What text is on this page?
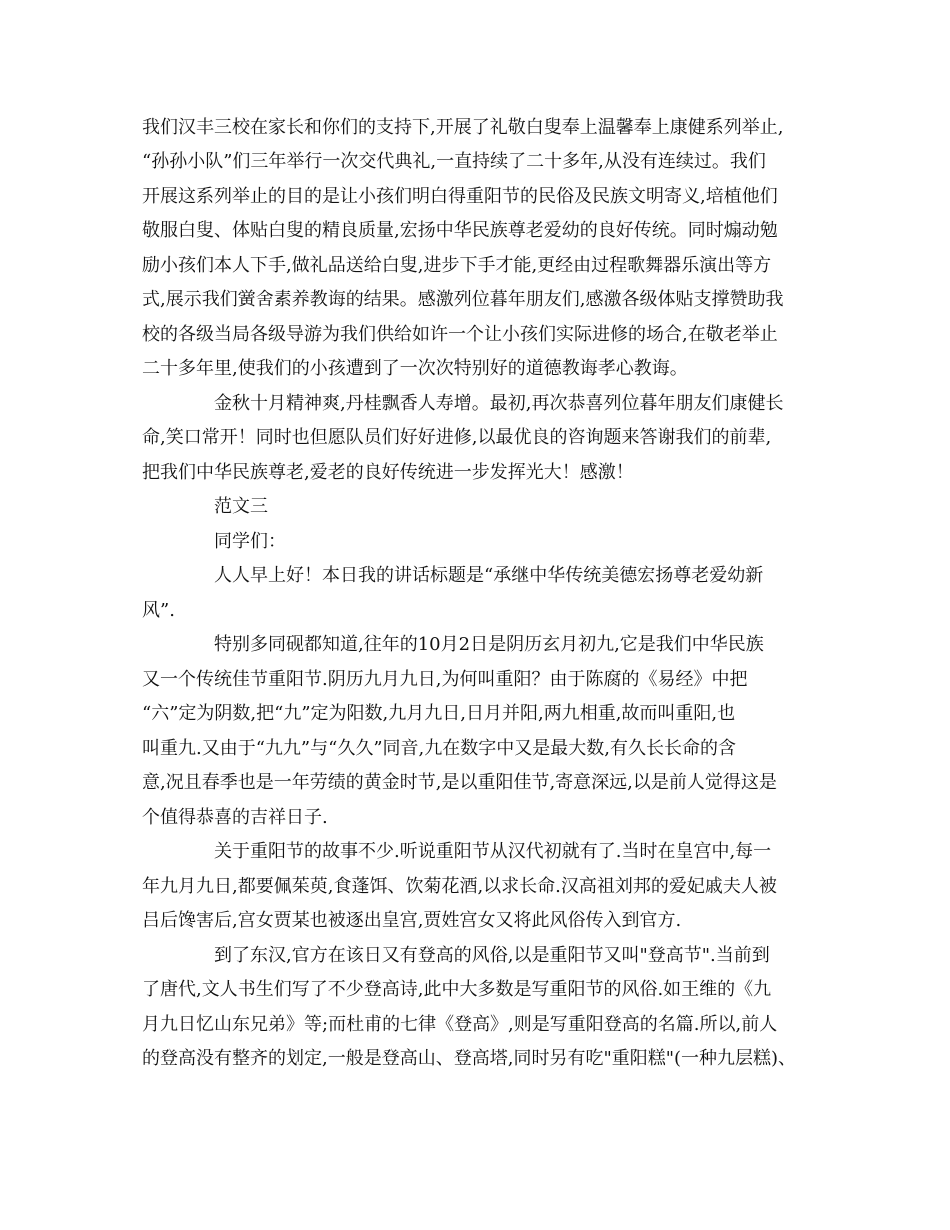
我们汉丰三校在家长和你们的支持下,开展了礼敬白叟奉上温馨奉上康健系列举止,
“孙孙小队”们三年举行一次交代典礼,一直持续了二十多年,从没有连续过。我们
开展这系列举止的目的是让小孩们明白得重阳节的民俗及民族文明寄义,培植他们
敬服白叟、体贴白叟的精良质量,宏扬中华民族尊老爱幼的良好传统。同时煽动勉
励小孩们本人下手,做礼品送给白叟,进步下手才能,更经由过程歌舞器乐演出等方
式,展示我们黉舍素养教诲的结果。感激列位暮年朋友们,感激各级体贴支撑赞助我
校的各级当局各级导游为我们供给如许一个让小孩们实际进修的场合,在敬老举止
二十多年里,使我们的小孩遭到了一次次特别好的道德教诲孝心教诲。
金秋十月精神爽,丹桂飘香人寿增。最初,再次恭喜列位暮年朋友们康健长
命,笑口常开！同时也但愿队员们好好进修,以最优良的咨询题来答谢我们的前辈,
把我们中华民族尊老,爱老的良好传统进一步发挥光大！感激！
范文三
同学们：
人人早上好！本日我的讲话标题是“承继中华传统美德宏扬尊老爱幼新
风”.
特别多同砚都知道,往年的10月2日是阴历玄月初九,它是我们中华民族
又一个传统佳节重阳节.阴历九月九日,为何叫重阳？由于陈腐的《易经》中把
“六”定为阴数,把“九”定为阳数,九月九日,日月并阳,两九相重,故而叫重阳,也
叫重九.又由于“九九”与“久久”同音,九在数字中又是最大数,有久长长命的含
意,况且春季也是一年劳绩的黄金时节,是以重阳佳节,寄意深远,以是前人觉得这是
个值得恭喜的吉祥日子.
关于重阳节的故事不少.听说重阳节从汉代初就有了.当时在皇宫中,每一
年九月九日,都要佩茱萸,食蓬饵、饮菊花酒,以求长命.汉高祖刘邦的爱妃戚夫人被
吕后馋害后,宫女贾某也被逐出皇宫,贾姓宫女又将此风俗传入到官方.
到了东汉,官方在该日又有登高的风俗,以是重阳节又叫"登高节".当前到
了唐代,文人书生们写了不少登高诗,此中大多数是写重阳节的风俗.如王维的《九
月九日忆山东兄弟》等;而杜甫的七律《登高》,则是写重阳登高的名篇.所以,前人
的登高没有整齐的划定,一般是登高山、登高塔,同时另有吃"重阳糕"(一种九层糕)、
